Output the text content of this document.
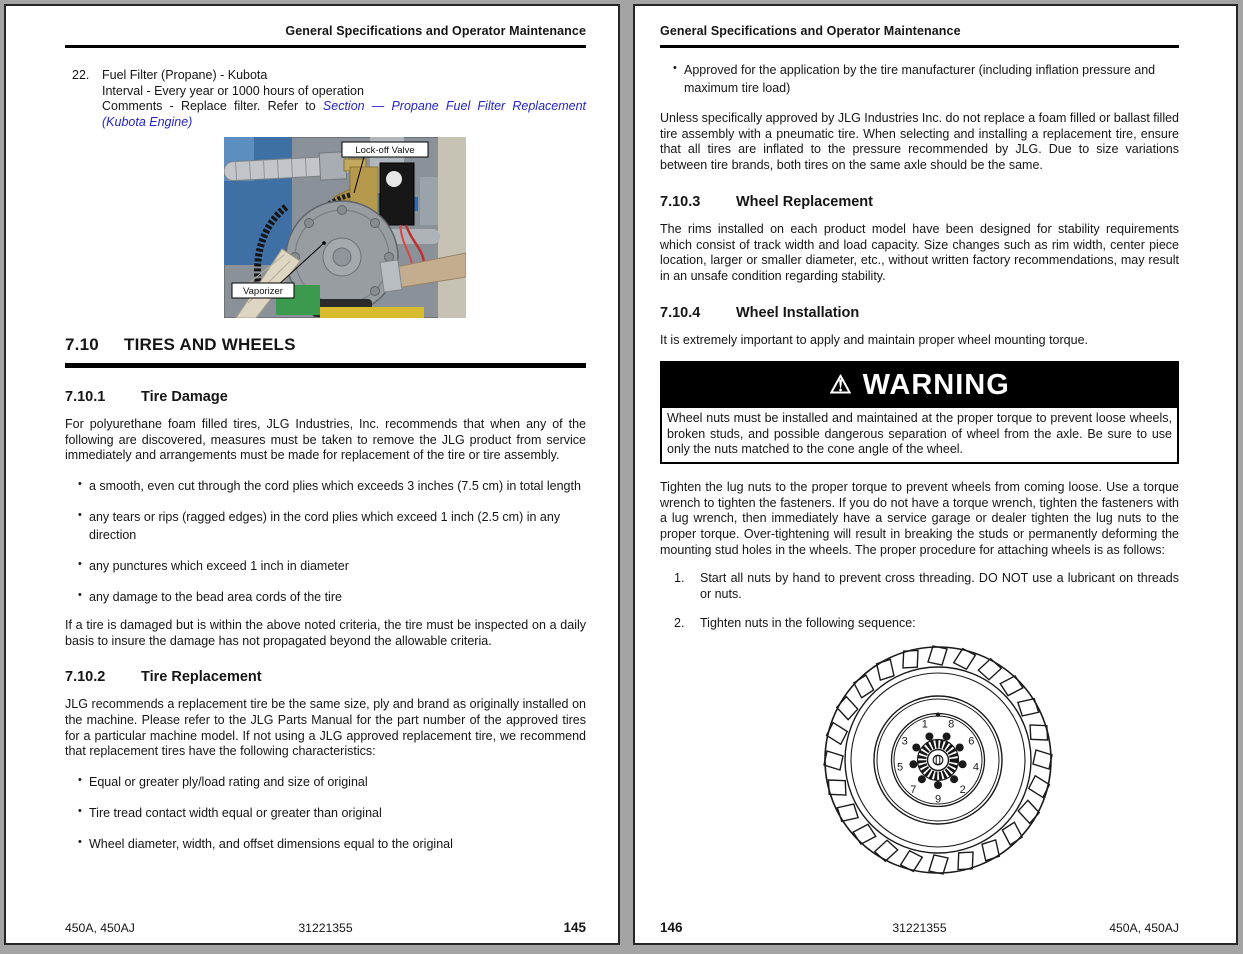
General Specifications and Operator Maintenance
22.	Fuel Filter (Propane) - Kubota
Interval - Every year or 1000 hours of operation
Comments - Replace filter. Refer to Section — Propane Fuel Filter Replacement (Kubota Engine)
Lock-off Valve
Vaporizer
7.10	TIRES AND WHEELS
7.10.1	Tire Damage

For polyurethane foam filled tires, JLG Industries, Inc. recommends that when any of the following are discovered, measures must be taken to remove the JLG product from service immediately and arrangements must be made for replacement of the tire or tire assembly.

• a smooth, even cut through the cord plies which exceeds 3 inches (7.5 cm) in total length
• any tears or rips (ragged edges) in the cord plies which exceed 1 inch (2.5 cm) in any direction
• any punctures which exceed 1 inch in diameter
• any damage to the bead area cords of the tire

If a tire is damaged but is within the above noted criteria, the tire must be inspected on a daily basis to insure the damage has not propagated beyond the allowable criteria.

7.10.2	Tire Replacement

JLG recommends a replacement tire be the same size, ply and brand as originally installed on the machine. Please refer to the JLG Parts Manual for the part number of the approved tires for a particular machine model. If not using a JLG approved replacement tire, we recommend that replacement tires have the following characteristics:

• Equal or greater ply/load rating and size of original
• Tire tread contact width equal or greater than original
• Wheel diameter, width, and offset dimensions equal to the original
450A, 450AJ	31221355	145
General Specifications and Operator Maintenance
• Approved for the application by the tire manufacturer (including inflation pressure and maximum tire load)

Unless specifically approved by JLG Industries Inc. do not replace a foam filled or ballast filled tire assembly with a pneumatic tire. When selecting and installing a replacement tire, ensure that all tires are inflated to the pressure recommended by JLG. Due to size variations between tire brands, both tires on the same axle should be the same.

7.10.3	Wheel Replacement

The rims installed on each product model have been designed for stability requirements which consist of track width and load capacity. Size changes such as rim width, center piece location, larger or smaller diameter, etc., without written factory recommendations, may result in an unsafe condition regarding stability.

7.10.4	Wheel Installation

It is extremely important to apply and maintain proper wheel mounting torque.

⚠ WARNING
Wheel nuts must be installed and maintained at the proper torque to prevent loose wheels, broken studs, and possible dangerous separation of wheel from the axle. Be sure to use only the nuts matched to the cone angle of the wheel.

Tighten the lug nuts to the proper torque to prevent wheels from coming loose. Use a torque wrench to tighten the fasteners. If you do not have a torque wrench, tighten the fasteners with a lug wrench, then immediately have a service garage or dealer tighten the lug nuts to the proper torque. Over-tightening will result in breaking the studs or permanently deforming the mounting stud holes in the wheels. The proper procedure for attaching wheels is as follows:

1.	Start all nuts by hand to prevent cross threading. DO NOT use a lubricant on threads or nuts.
2.	Tighten nuts in the following sequence:
1
2
3
4
5
6
7
8
9
146	31221355	450A, 450AJ
